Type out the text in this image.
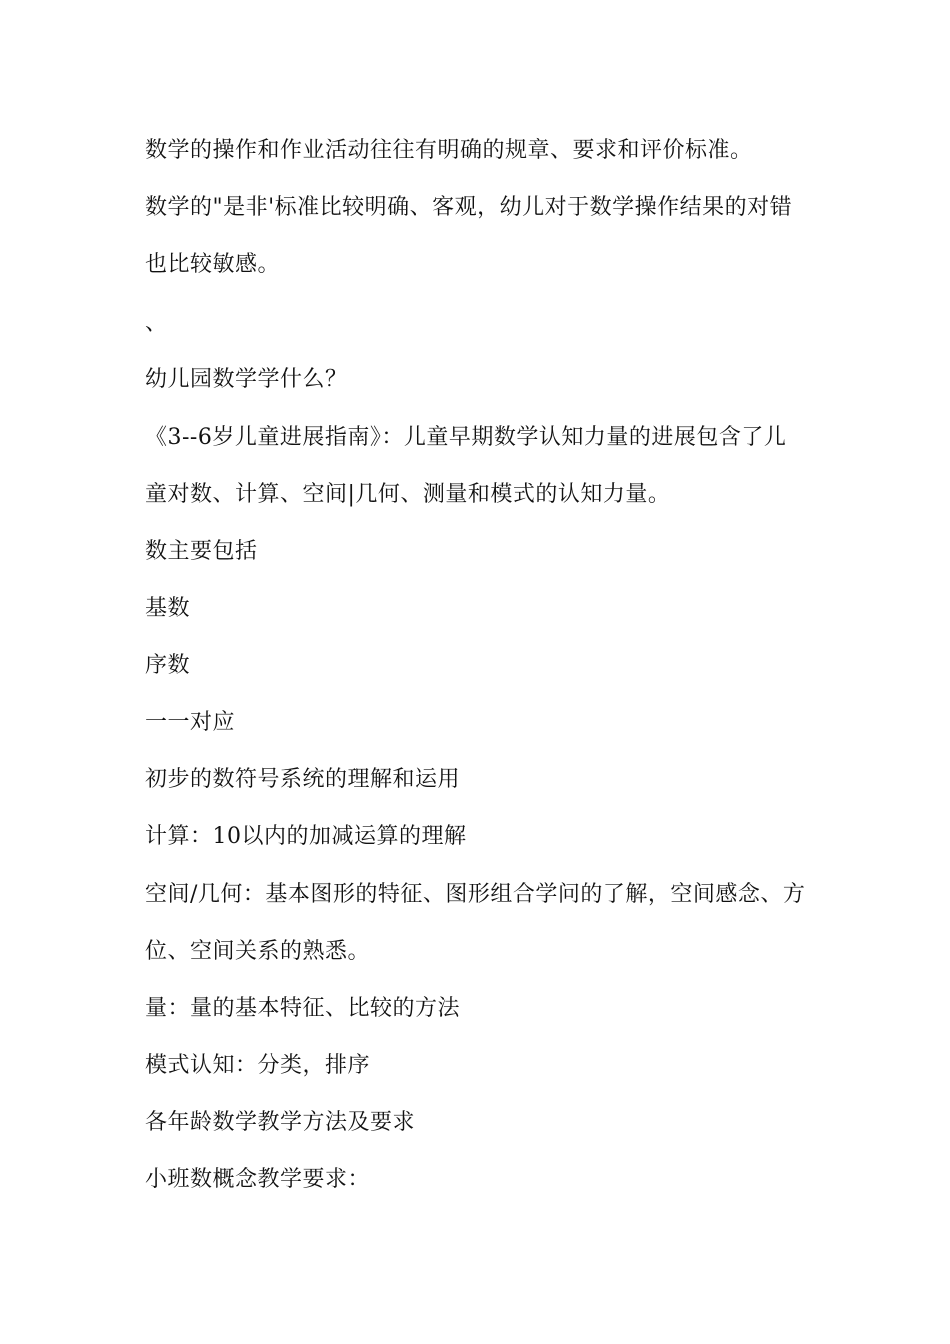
数学的操作和作业活动往往有明确的规章、要求和评价标准。
数学的"是非'标准比较明确、客观，幼儿对于数学操作结果的对错
也比较敏感。
、
幼儿园数学学什么？
《3--6岁儿童进展指南》：儿童早期数学认知力量的进展包含了儿
童对数、计算、空间|几何、测量和模式的认知力量。
数主要包括
基数
序数
一一对应
初步的数符号系统的理解和运用
计算：10以内的加减运算的理解
空间/几何：基本图形的特征、图形组合学问的了解，空间感念、方
位、空间关系的熟悉。
量：量的基本特征、比较的方法
模式认知：分类，排序
各年龄数学教学方法及要求
小班数概念教学要求：
